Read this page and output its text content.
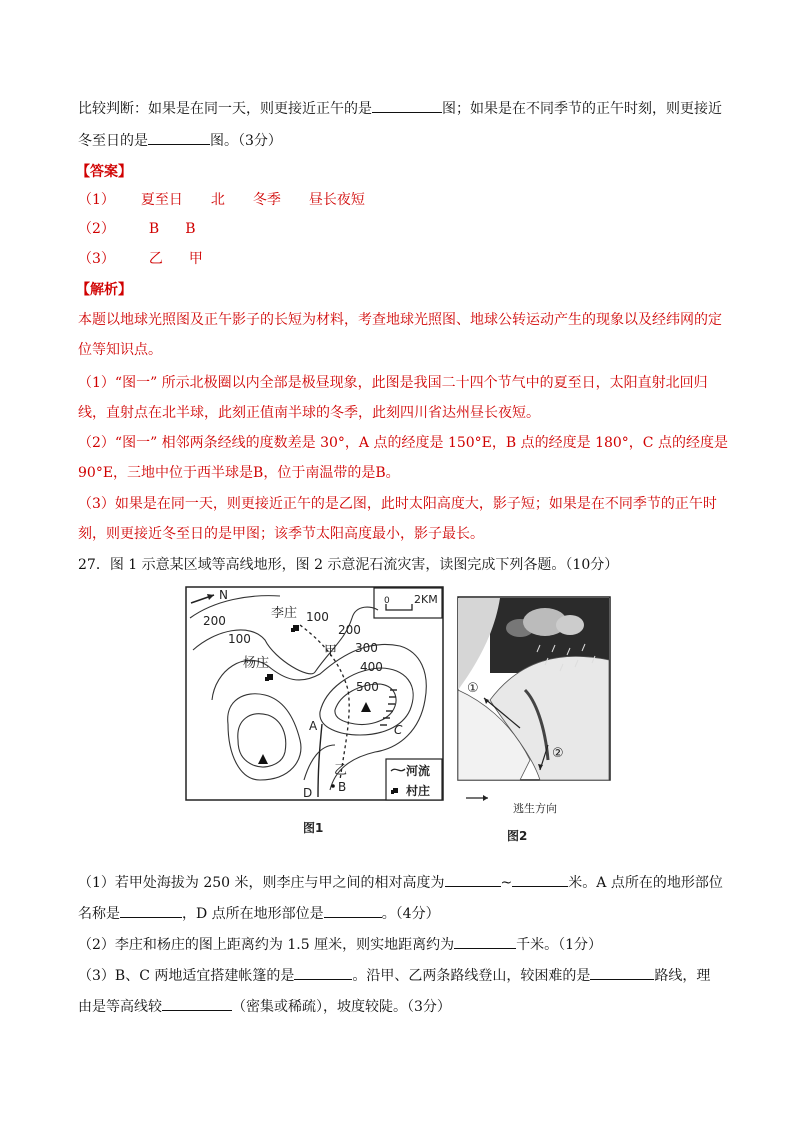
比较判断：如果是在同一天，则更接近正午的是	图；如果是在不同季节的正午时刻，则更接近
冬至日的是	图。（3分）
【答案】
（1） 夏至日 北 冬季 昼长夜短
（2） B B
（3） 乙 甲
【解析】
本题以地球光照图及正午影子的长短为材料，考查地球光照图、地球公转运动产生的现象以及经纬网的定
位等知识点。
（1）“图一” 所示北极圈以内全部是极昼现象，此图是我国二十四个节气中的夏至日，太阳直射北回归
线，直射点在北半球，此刻正值南半球的冬季，此刻四川省达州昼长夜短。
（2）“图一” 相邻两条经线的度数差是 30°，A 点的经度是 150°E，B 点的经度是 180°，C 点的经度是
90°E，三地中位于西半球是B，位于南温带的是B。
（3）如果是在同一天，则更接近正午的是乙图，此时太阳高度大，影子短；如果是在不同季节的正午时
刻，则更接近冬至日的是甲图；该季节太阳高度最小，影子最长。
27．图 1 示意某区域等高线地形，图 2 示意泥石流灾害，读图完成下列各题。（10分）
N	0 2KM
200
100
100
200
300
400
500
李庄
杨庄
甲
乙
A
B
C
D
河流
村庄
图1
①
②
逃生方向
图2
（1）若甲处海拔为 250 米，则李庄与甲之间的相对高度为	~	米。A 点所在的地形部位
名称是	，D 点所在地形部位是	。（4分）
（2）李庄和杨庄的图上距离约为 1.5 厘米，则实地距离约为	千米。（1分）
（3）B、C 两地适宜搭建帐篷的是	。沿甲、乙两条路线登山，较困难的是	路线，理
由是等高线较	（密集或稀疏），坡度较陡。（3分）
